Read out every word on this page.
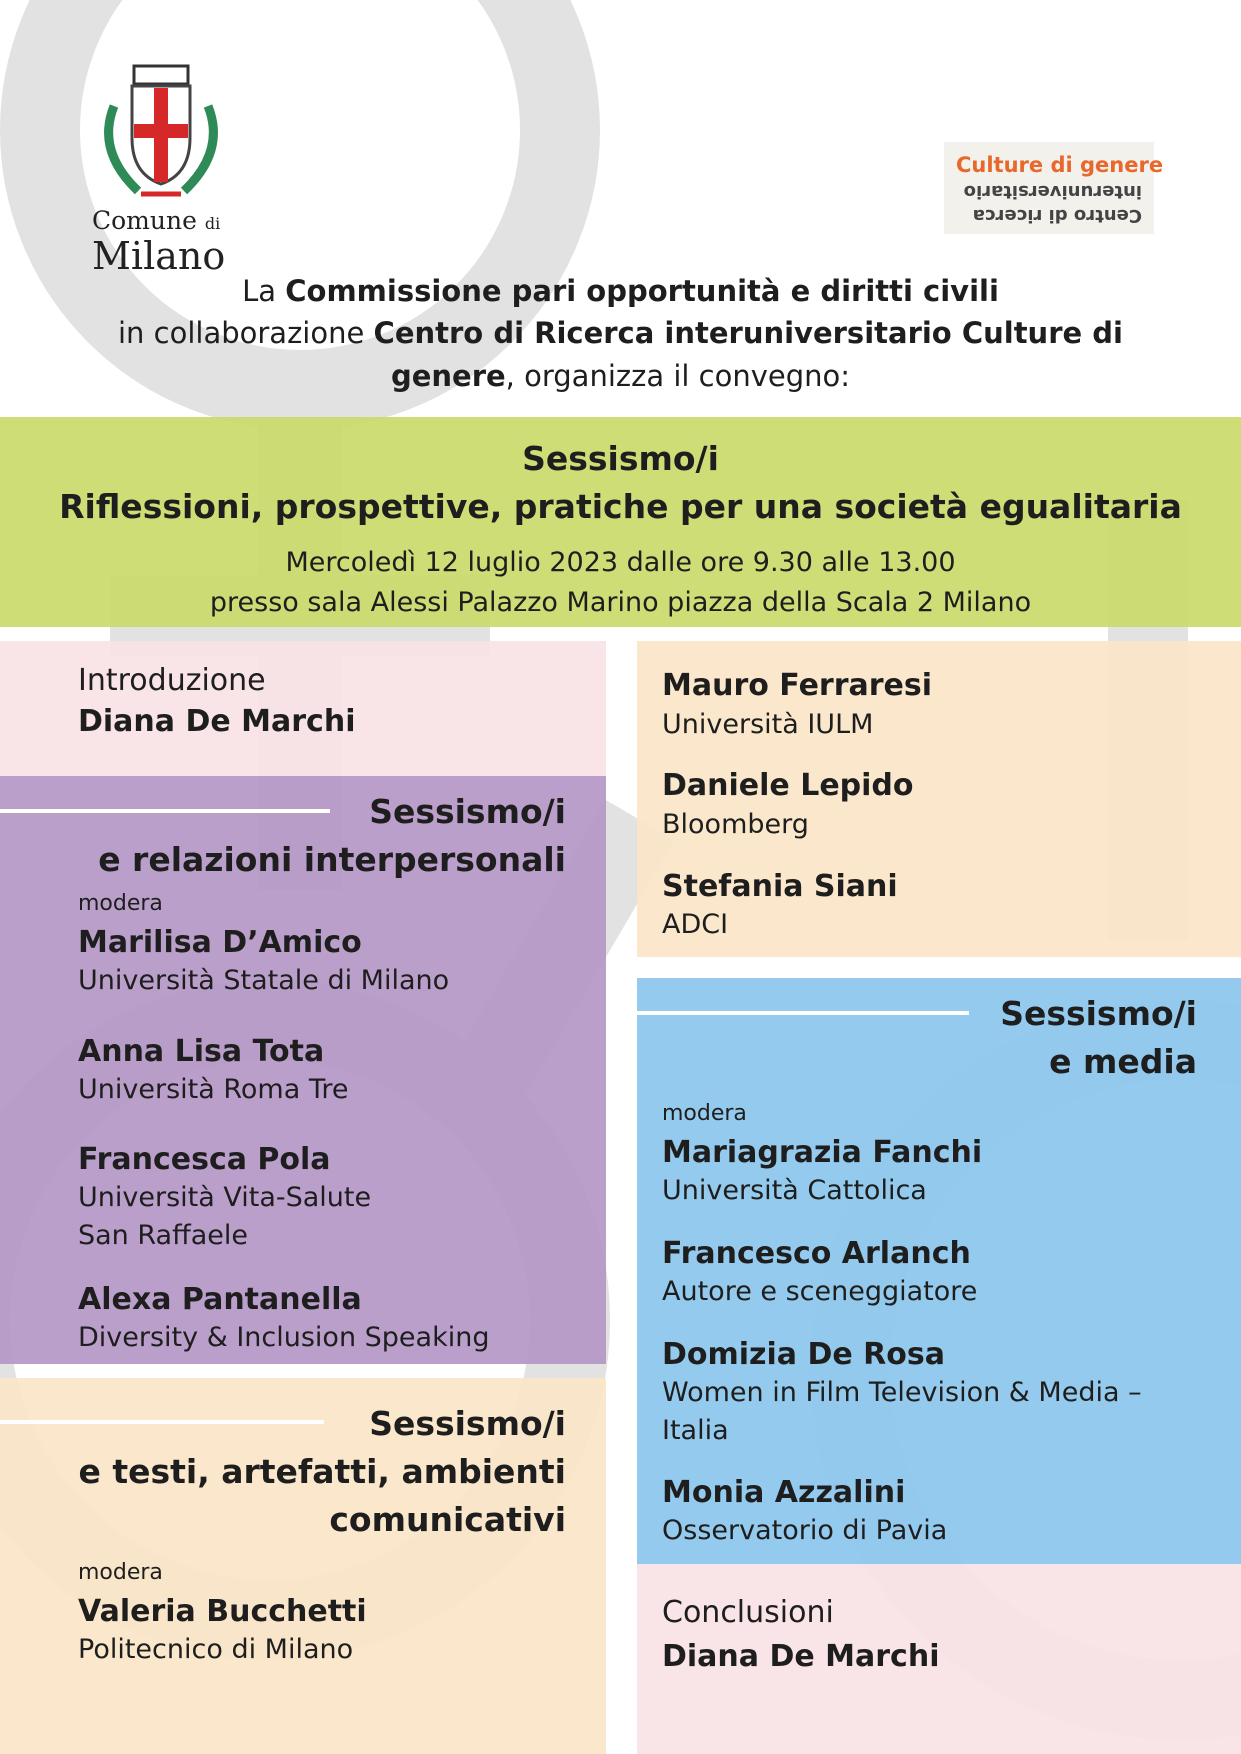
Comune di
Milano
Culture di genere
interuniversitario
Centro di ricerca
La Commissione pari opportunità e diritti civili
in collaborazione Centro di Ricerca interuniversitario Culture di
genere, organizza il convegno:
Sessismo/i
Riflessioni, prospettive, pratiche per una società egualitaria
Mercoledì 12 luglio 2023 dalle ore 9.30 alle 13.00
presso sala Alessi Palazzo Marino piazza della Scala 2 Milano
Introduzione
Diana De Marchi
Sessismo/i
e relazioni interpersonali
modera
Marilisa D’Amico
Università Statale di Milano
Anna Lisa Tota
Università Roma Tre
Francesca Pola
Università Vita-Salute
San Raffaele
Alexa Pantanella
Diversity & Inclusion Speaking
Sessismo/i
e testi, artefatti, ambienti
comunicativi
modera
Valeria Bucchetti
Politecnico di Milano
Mauro Ferraresi
Università IULM
Daniele Lepido
Bloomberg
Stefania Siani
ADCI
Sessismo/i
e media
modera
Mariagrazia Fanchi
Università Cattolica
Francesco Arlanch
Autore e sceneggiatore
Domizia De Rosa
Women in Film Television & Media –
Italia
Monia Azzalini
Osservatorio di Pavia
Conclusioni
Diana De Marchi
